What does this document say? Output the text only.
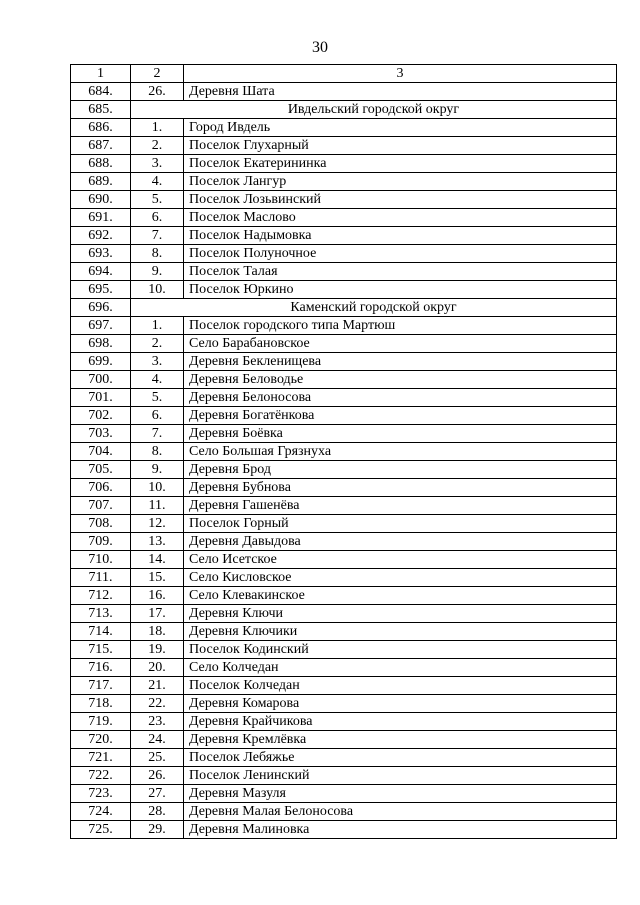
30
1	2	3
684.	26.	Деревня Шата
685.	Ивдельский городской округ	
686.	1.	Город Ивдель
687.	2.	Поселок Глухарный
688.	3.	Поселок Екатерининка
689.	4.	Поселок Лангур
690.	5.	Поселок Лозьвинский
691.	6.	Поселок Маслово
692.	7.	Поселок Надымовка
693.	8.	Поселок Полуночное
694.	9.	Поселок Талая
695.	10.	Поселок Юркино
696.	Каменский городской округ	
697.	1.	Поселок городского типа Мартюш
698.	2.	Село Барабановское
699.	3.	Деревня Бекленищева
700.	4.	Деревня Беловодье
701.	5.	Деревня Белоносова
702.	6.	Деревня Богатёнкова
703.	7.	Деревня Боёвка
704.	8.	Село Большая Грязнуха
705.	9.	Деревня Брод
706.	10.	Деревня Бубнова
707.	11.	Деревня Гашенёва
708.	12.	Поселок Горный
709.	13.	Деревня Давыдова
710.	14.	Село Исетское
711.	15.	Село Кисловское
712.	16.	Село Клевакинское
713.	17.	Деревня Ключи
714.	18.	Деревня Ключики
715.	19.	Поселок Кодинский
716.	20.	Село Колчедан
717.	21.	Поселок Колчедан
718.	22.	Деревня Комарова
719.	23.	Деревня Крайчикова
720.	24.	Деревня Кремлёвка
721.	25.	Поселок Лебяжье
722.	26.	Поселок Ленинский
723.	27.	Деревня Мазуля
724.	28.	Деревня Малая Белоносова
725.	29.	Деревня Малиновка
